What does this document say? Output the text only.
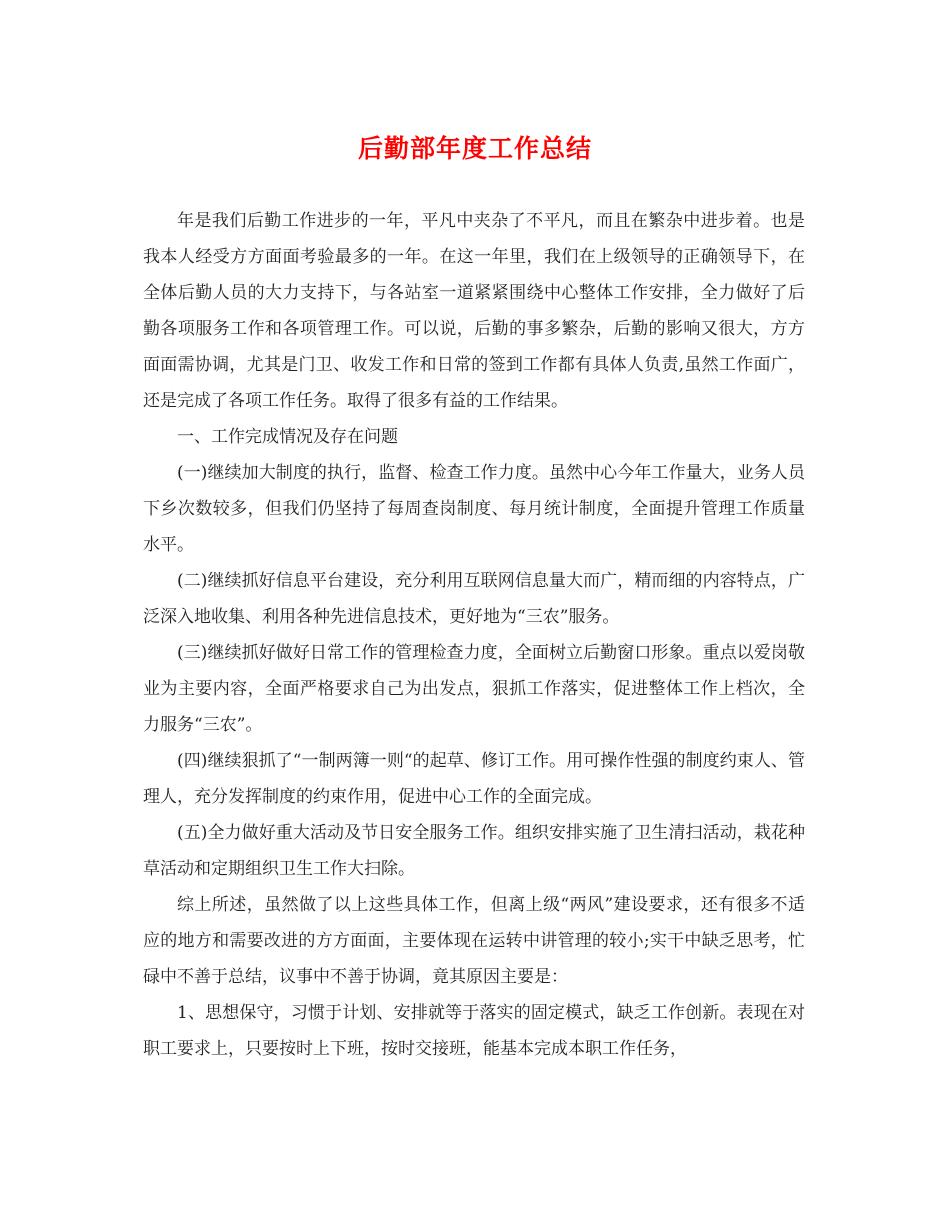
后勤部年度工作总结

年是我们后勤工作进步的一年，平凡中夹杂了不平凡，而且在繁杂中进步着。也是我本人经受方方面面考验最多的一年。在这一年里，我们在上级领导的正确领导下，在全体后勤人员的大力支持下，与各站室一道紧紧围绕中心整体工作安排，全力做好了后勤各项服务工作和各项管理工作。可以说，后勤的事多繁杂，后勤的影响又很大，方方面面需协调，尤其是门卫、收发工作和日常的签到工作都有具体人负责,虽然工作面广，还是完成了各项工作任务。取得了很多有益的工作结果。

一、工作完成情况及存在问题

(一)继续加大制度的执行，监督、检查工作力度。虽然中心今年工作量大，业务人员下乡次数较多，但我们仍坚持了每周查岗制度、每月统计制度，全面提升管理工作质量水平。

(二)继续抓好信息平台建设，充分利用互联网信息量大而广，精而细的内容特点，广泛深入地收集、利用各种先进信息技术，更好地为“三农”服务。

(三)继续抓好做好日常工作的管理检查力度，全面树立后勤窗口形象。重点以爱岗敬业为主要内容，全面严格要求自己为出发点，狠抓工作落实，促进整体工作上档次，全力服务“三农”。

(四)继续狠抓了“一制两簿一则“的起草、修订工作。用可操作性强的制度约束人、管理人，充分发挥制度的约束作用，促进中心工作的全面完成。

(五)全力做好重大活动及节日安全服务工作。组织安排实施了卫生清扫活动，栽花种草活动和定期组织卫生工作大扫除。

综上所述，虽然做了以上这些具体工作，但离上级“两风”建设要求，还有很多不适应的地方和需要改进的方方面面，主要体现在运转中讲管理的较小;实干中缺乏思考，忙碌中不善于总结，议事中不善于协调，竟其原因主要是：

1、思想保守，习惯于计划、安排就等于落实的固定模式，缺乏工作创新。表现在对职工要求上，只要按时上下班，按时交接班，能基本完成本职工作任务，
